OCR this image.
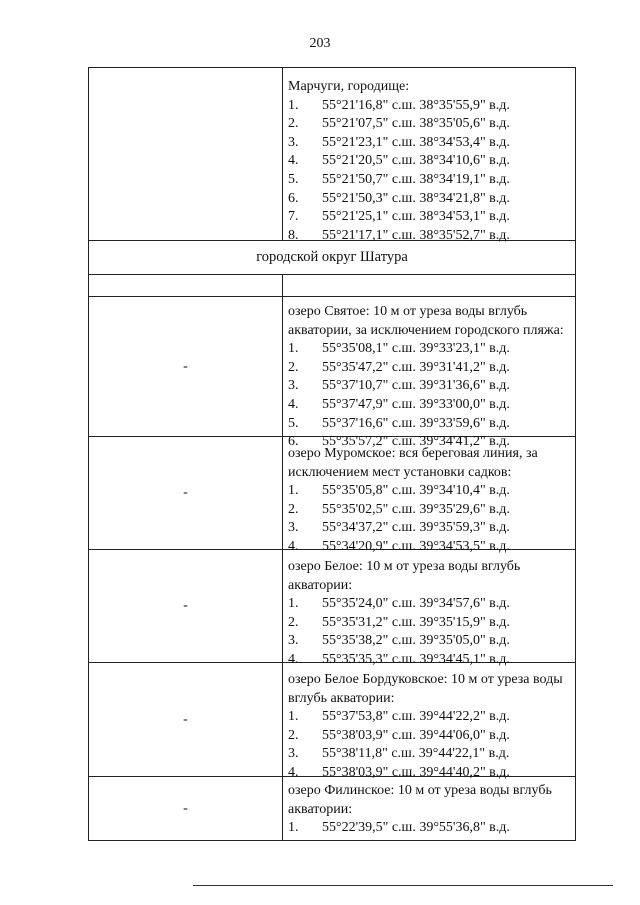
203
Марчуги, городище:
1.	55°21'16,8" с.ш. 38°35'55,9" в.д.
2.	55°21'07,5" с.ш. 38°35'05,6" в.д.
3.	55°21'23,1" с.ш. 38°34'53,4" в.д.
4.	55°21'20,5" с.ш. 38°34'10,6" в.д.
5.	55°21'50,7" с.ш. 38°34'19,1" в.д.
6.	55°21'50,3" с.ш. 38°34'21,8" в.д.
7.	55°21'25,1" с.ш. 38°34'53,1" в.д.
8.	55°21'17,1" с.ш. 38°35'52,7" в.д.
городской округ Шатура
-
озеро Святое: 10 м от уреза воды вглубь акватории, за исключением городского пляжа:
1.	55°35'08,1" с.ш. 39°33'23,1" в.д.
2.	55°35'47,2" с.ш. 39°31'41,2" в.д.
3.	55°37'10,7" с.ш. 39°31'36,6" в.д.
4.	55°37'47,9" с.ш. 39°33'00,0" в.д.
5.	55°37'16,6" с.ш. 39°33'59,6" в.д.
6.	55°35'57,2" с.ш. 39°34'41,2" в.д.
-
озеро Муромское: вся береговая линия, за исключением мест установки садков:
1.	55°35'05,8" с.ш. 39°34'10,4" в.д.
2.	55°35'02,5" с.ш. 39°35'29,6" в.д.
3.	55°34'37,2" с.ш. 39°35'59,3" в.д.
4.	55°34'20,9" с.ш. 39°34'53,5" в.д.
-
озеро Белое: 10 м от уреза воды вглубь акватории:
1.	55°35'24,0" с.ш. 39°34'57,6" в.д.
2.	55°35'31,2" с.ш. 39°35'15,9" в.д.
3.	55°35'38,2" с.ш. 39°35'05,0" в.д.
4.	55°35'35,3" с.ш. 39°34'45,1" в.д.
-
озеро Белое Бордуковское: 10 м от уреза воды вглубь акватории:
1.	55°37'53,8" с.ш. 39°44'22,2" в.д.
2.	55°38'03,9" с.ш. 39°44'06,0" в.д.
3.	55°38'11,8" с.ш. 39°44'22,1" в.д.
4.	55°38'03,9" с.ш. 39°44'40,2" в.д.
-
озеро Филинское: 10 м от уреза воды вглубь акватории:
1.	55°22'39,5" с.ш. 39°55'36,8" в.д.
